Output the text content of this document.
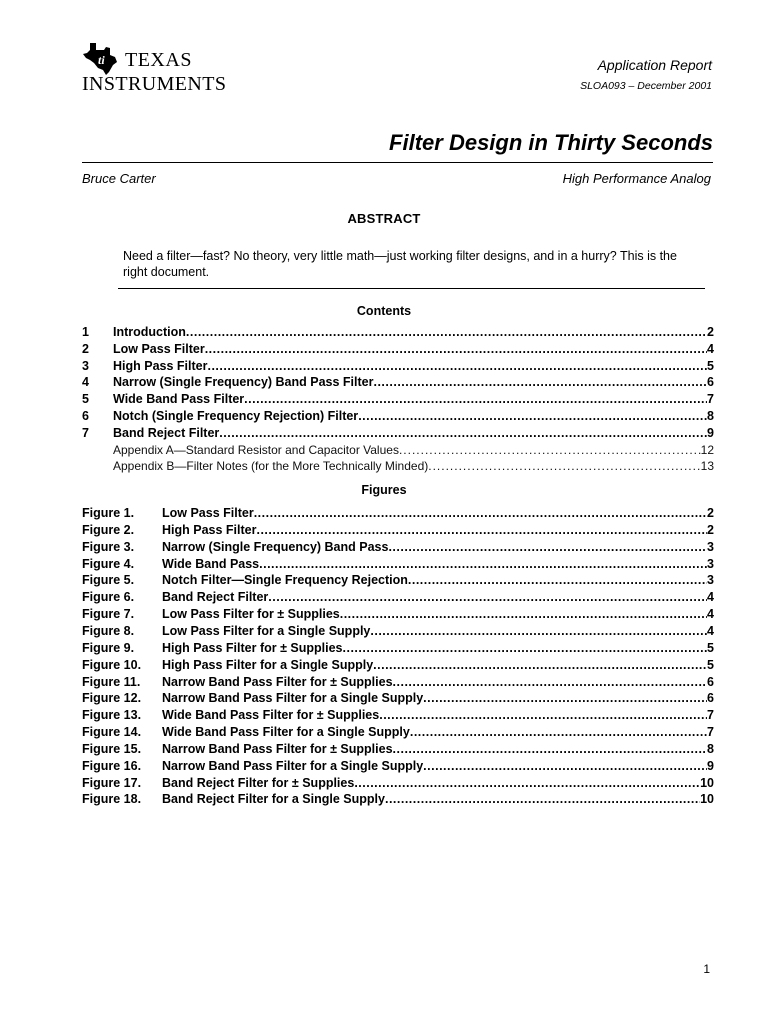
ti TEXAS
INSTRUMENTS
Application Report
SLOA093 – December 2001
Filter Design in Thirty Seconds
Bruce Carter	High Performance Analog
ABSTRACT
Need a filter—fast? No theory, very little math—just working filter designs, and in a hurry? This is the right document.
Contents
1 Introduction .....	2
2 Low Pass Filter .....	4
3 High Pass Filter .....	5
4 Narrow (Single Frequency) Band Pass Filter .....	6
5 Wide Band Pass Filter .....	7
6 Notch (Single Frequency Rejection) Filter .....	8
7 Band Reject Filter .....	9
Appendix A—Standard Resistor and Capacitor Values .....	12
Appendix B—Filter Notes (for the More Technically Minded) .....	13
Figures
Figure 1. Low Pass Filter .....	2
Figure 2. High Pass Filter .....	2
Figure 3. Narrow (Single Frequency) Band Pass .....	3
Figure 4. Wide Band Pass .....	3
Figure 5. Notch Filter—Single Frequency Rejection .....	3
Figure 6. Band Reject Filter .....	4
Figure 7. Low Pass Filter for ± Supplies .....	4
Figure 8. Low Pass Filter for a Single Supply .....	4
Figure 9. High Pass Filter for ± Supplies .....	5
Figure 10. High Pass Filter for a Single Supply .....	5
Figure 11. Narrow Band Pass Filter for ± Supplies .....	6
Figure 12. Narrow Band Pass Filter for a Single Supply .....	6
Figure 13. Wide Band Pass Filter for ± Supplies .....	7
Figure 14. Wide Band Pass Filter for a Single Supply .....	7
Figure 15. Narrow Band Pass Filter for ± Supplies .....	8
Figure 16. Narrow Band Pass Filter for a Single Supply .....	9
Figure 17. Band Reject Filter for ± Supplies .....	10
Figure 18. Band Reject Filter for a Single Supply .....	10
1
